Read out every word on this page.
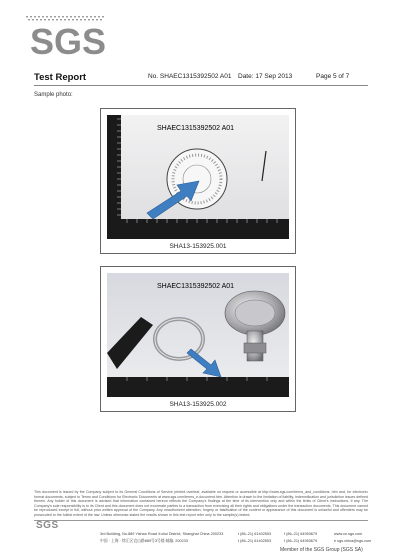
SGS
Test Report	No. SHAEC1315392502 A01 Date: 17 Sep 2013	Page 5 of 7
Sample photo:
SHAEC1315392502 A01
SHA13-153925.001
SHAEC1315392502 A01
SHA13-153925.002
This document is issued by the Company subject to its General Conditions of Service printed overleaf, available on request or accessible at http://www.sgs.com/terms_and_conditions. htm and, for electronic format documents, subject to Terms and Conditions for Electronic Documents at www.sgs.com/terms_e-document.htm. Attention is drawn to the limitation of liability, indemnification and jurisdiction issues defined therein. Any holder of this document is advised that information contained hereon reflects the Company's findings at the time of its intervention only and within the limits of Client's instructions, if any. The Company's sole responsibility is to its Client and this document does not exonerate parties to a transaction from exercising all their rights and obligations under the transaction documents. This document cannot be reproduced except in full, without prior written approval of the Company. Any unauthorized alteration, forgery or falsification of the content or appearance of this document is unlawful and offenders may be prosecuted to the fullest extent of the law. Unless otherwise stated the results shown in this test report refer only to the sample(s) tested.
SGS
3rd Building, No.889 Yishan Road Xuhui District, Shanghai China 200233
中国 · 上海 · 徐汇区宜山路889号3号楼 邮编: 200233
t (86–21) 61402553
t (86–21) 61402553
f (86–21) 64953679
f (86–21) 64953679
www.cn.sgs.com
e sgs.china@sgs.com
Member of the SGS Group (SGS SA)
